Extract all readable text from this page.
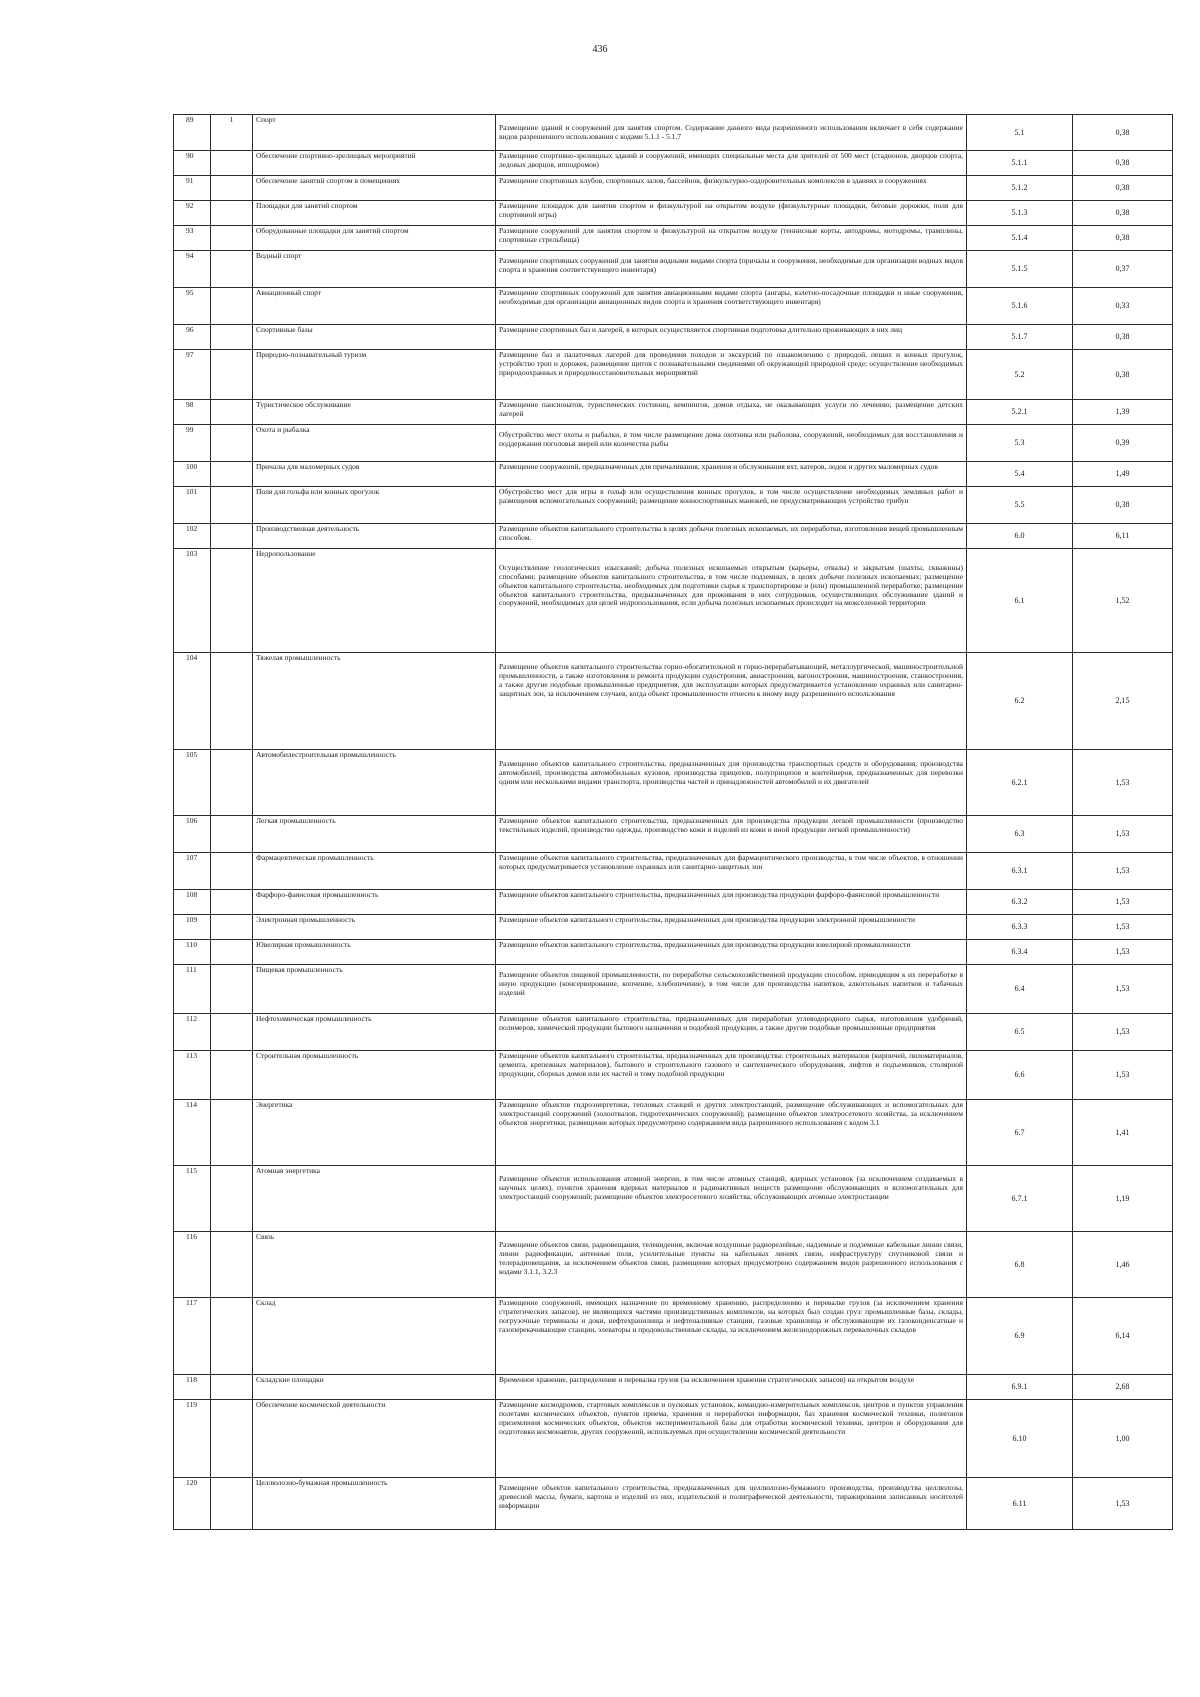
436
89	1	Спорт	Размещение зданий и сооружений для занятия спортом. Содержание данного вида разрешенного использования включает в себя содержание видов разрешенного использования с кодами 5.1.1 - 5.1.7	5.1	0,38
90		Обеспечение спортивно-зрелищных мероприятий	Размещение спортивно-зрелищных зданий и сооружений, имеющих специальные места для зрителей от 500 мест (стадионов, дворцов спорта, ледовых дворцов, ипподромов)	5.1.1	0,38
91		Обеспечение занятий спортом в помещениях	Размещение спортивных клубов, спортивных залов, бассейнов, физкультурно-оздоровительных комплексов в зданиях и сооружениях	5.1.2	0,38
92		Площадки для занятий спортом	Размещение площадок для занятия спортом и физкультурой на открытом воздухе (физкультурные площадки, беговые дорожки, поля для спортивной игры)	5.1.3	0,38
93		Оборудованные площадки для занятий спортом	Размещение сооружений для занятия спортом и физкультурой на открытом воздухе (теннисные корты, автодромы, мотодромы, трамплины, спортивные стрельбища)	5.1.4	0,38
94		Водный спорт	Размещение спортивных сооружений для занятия водными видами спорта (причалы и сооружения, необходимые для организации водных видов спорта и хранения соответствующего инвентаря)	5.1.5	0,37
95		Авиационный спорт	Размещение спортивных сооружений для занятия авиационными видами спорта (ангары, взлетно-посадочные площадки и иные сооружения, необходимые для организации авиационных видов спорта и хранения соответствующего инвентаря)	5.1.6	0,33
96		Спортивные базы	Размещение спортивных баз и лагерей, в которых осуществляется спортивная подготовка длительно проживающих в них лиц	5.1.7	0,38
97		Природно-познавательный туризм	Размещение баз и палаточных лагерей для проведения походов и экскурсий по ознакомлению с природой, пеших и конных прогулок, устройство троп и дорожек, размещение щитов с познавательными сведениями об окружающей природной среде; осуществление необходимых природоохранных и природовосстановительных мероприятий	5.2	0,38
98		Туристическое обслуживание	Размещение пансионатов, туристических гостиниц, кемпингов, домов отдыха, не оказывающих услуги по лечению; размещение детских лагерей	5.2.1	1,39
99		Охота и рыбалка	Обустройство мест охоты и рыбалки, в том числе размещение дома охотника или рыболова, сооружений, необходимых для восстановления и поддержания поголовья зверей или количества рыбы	5.3	0,39
100		Причалы для маломерных судов	Размещение сооружений, предназначенных для причаливания, хранения и обслуживания яхт, катеров, лодок и других маломерных судов	5.4	1,49
101		Поля для гольфа или конных прогулок	Обустройство мест для игры в гольф или осуществления конных прогулок, в том числе осуществление необходимых земляных работ и размещения вспомогательных сооружений; размещение конноспортивных манежей, не предусматривающих устройство трибун	5.5	0,38
102		Производственная деятельность	Размещение объектов капитального строительства в целях добычи полезных ископаемых, их переработки, изготовления вещей промышленным способом.	6.0	6,11
103		Недропользование	Осуществление геологических изысканий; добыча полезных ископаемых открытым (карьеры, отвалы) и закрытым (шахты, скважины) способами; размещение объектов капитального строительства, в том числе подземных, в целях добычи полезных ископаемых; размещение объектов капитального строительства, необходимых для подготовки сырья к транспортировке и (или) промышленной переработке; размещение объектов капитального строительства, предназначенных для проживания в них сотрудников, осуществляющих обслуживание зданий и сооружений, необходимых для целей недропользования, если добыча полезных ископаемых происходит на межселенной территории	6.1	1,52
104		Тяжелая промышленность	Размещение объектов капитального строительства горно-обогатительной и горно-перерабатывающей, металлургической, машиностроительной промышленности, а также изготовления и ремонта продукции судостроения, авиастроения, вагоностроения, машиностроения, станкостроения, а также другие подобные промышленные предприятия, для эксплуатации которых предусматривается установление охранных или санитарно-защитных зон, за исключением случаев, когда объект промышленности отнесен к иному виду разрешенного использования	6.2	2,15
105		Автомобилестроительная промышленность	Размещение объектов капитального строительства, предназначенных для производства транспортных средств и оборудования, производства автомобилей, производства автомобильных кузовов, производства прицепов, полуприцепов и контейнеров, предназначенных для перевозки одним или несколькими видами транспорта, производства частей и принадлежностей автомобилей и их двигателей	6.2.1	1,53
106		Легкая промышленность	Размещение объектов капитального строительства, предназначенных для производства продукции легкой промышленности (производство текстильных изделий, производство одежды, производство кожи и изделий из кожи и иной продукции легкой промышленности)	6.3	1,53
107		Фармацевтическая промышленность	Размещение объектов капитального строительства, предназначенных для фармацевтического производства, в том числе объектов, в отношении которых предусматривается установление охранных или санитарно-защитных зон	6.3.1	1,53
108		Фарфоро-фаянсовая промышленность	Размещение объектов капитального строительства, предназначенных для производства продукции фарфоро-фаянсовой промышленности	6.3.2	1,53
109		Электронная промышленность	Размещение объектов капитального строительства, предназначенных для производства продукции электронной промышленности	6.3.3	1,53
110		Ювелирная промышленность	Размещение объектов капитального строительства, предназначенных для производства продукции ювелирной промышленности	6.3.4	1,53
111		Пищевая промышленность	Размещение объектов пищевой промышленности, по переработке сельскохозяйственной продукции способом, приводящим к их переработке в иную продукцию (консервирование, копчение, хлебопечение), в том числе для производства напитков, алкогольных напитков и табачных изделий	6.4	1,53
112		Нефтехимическая промышленность	Размещение объектов капитального строительства, предназначенных для переработки углеводородного сырья, изготовления удобрений, полимеров, химической продукции бытового назначения и подобной продукции, а также другие подобные промышленные предприятия	6.5	1,53
113		Строительная промышленность	Размещение объектов капитального строительства, предназначенных для производства: строительных материалов (кирпичей, пиломатериалов, цемента, крепежных материалов), бытового и строительного газового и сантехнического оборудования, лифтов и подъемников, столярной продукции, сборных домов или их частей и тому подобной продукции	6.6	1,53
114		Энергетика	Размещение объектов гидроэнергетики, тепловых станций и других электростанций, размещение обслуживающих и вспомогательных для электростанций сооружений (золоотвалов, гидротехнических сооружений); размещение объектов электросетевого хозяйства, за исключением объектов энергетики, размещение которых предусмотрено содержанием вида разрешенного использования с кодом 3.1	6.7	1,41
115		Атомная энергетика	Размещение объектов использования атомной энергии, в том числе атомных станций, ядерных установок (за исключением создаваемых в научных целях), пунктов хранения ядерных материалов и радиоактивных веществ размещение обслуживающих и вспомогательных для электростанций сооружений; размещение объектов электросетевого хозяйства, обслуживающих атомные электростанции	6.7.1	1,19
116		Связь	Размещение объектов связи, радиовещания, телевидения, включая воздушные радиорелейные, надземные и подземные кабельные линии связи, линии радиофикации, антенные поля, усилительные пункты на кабельных линиях связи, инфраструктуру спутниковой связи и телерадиовещания, за исключением объектов связи, размещение которых предусмотрено содержанием видов разрешенного использования с кодами 3.1.1, 3.2.3	6.8	1,46
117		Склад	Размещение сооружений, имеющих назначение по временному хранению, распределению и перевалке грузов (за исключением хранения стратегических запасов), не являющихся частями производственных комплексов, на которых был создан груз: промышленные базы, склады, погрузочные терминалы и доки, нефтехранилища и нефтеналивные станции, газовые хранилища и обслуживающие их газоконденсатные и газоперекачивающие станции, элеваторы и продовольственные склады, за исключением железнодорожных перевалочных складов	6.9	6,14
118		Складские площадки	Временное хранение, распределение и перевалка грузов (за исключением хранения стратегических запасов) на открытом воздухе	6.9.1	2,68
119		Обеспечение космической деятельности	Размещение космодромов, стартовых комплексов и пусковых установок, командно-измерительных комплексов, центров и пунктов управления полетами космических объектов, пунктов приема, хранения и переработки информации, баз хранения космической техники, полигонов приземления космических объектов, объектов экспериментальной базы для отработки космической техники, центров и оборудования для подготовки космонавтов, других сооружений, используемых при осуществлении космической деятельности	6.10	1,00
120		Целлюлозно-бумажная промышленность	Размещение объектов капитального строительства, предназначенных для целлюлозно-бумажного производства, производства целлюлозы, древесной массы, бумаги, картона и изделий из них, издательской и полиграфической деятельности, тиражирования записанных носителей информации	6.11	1,53
